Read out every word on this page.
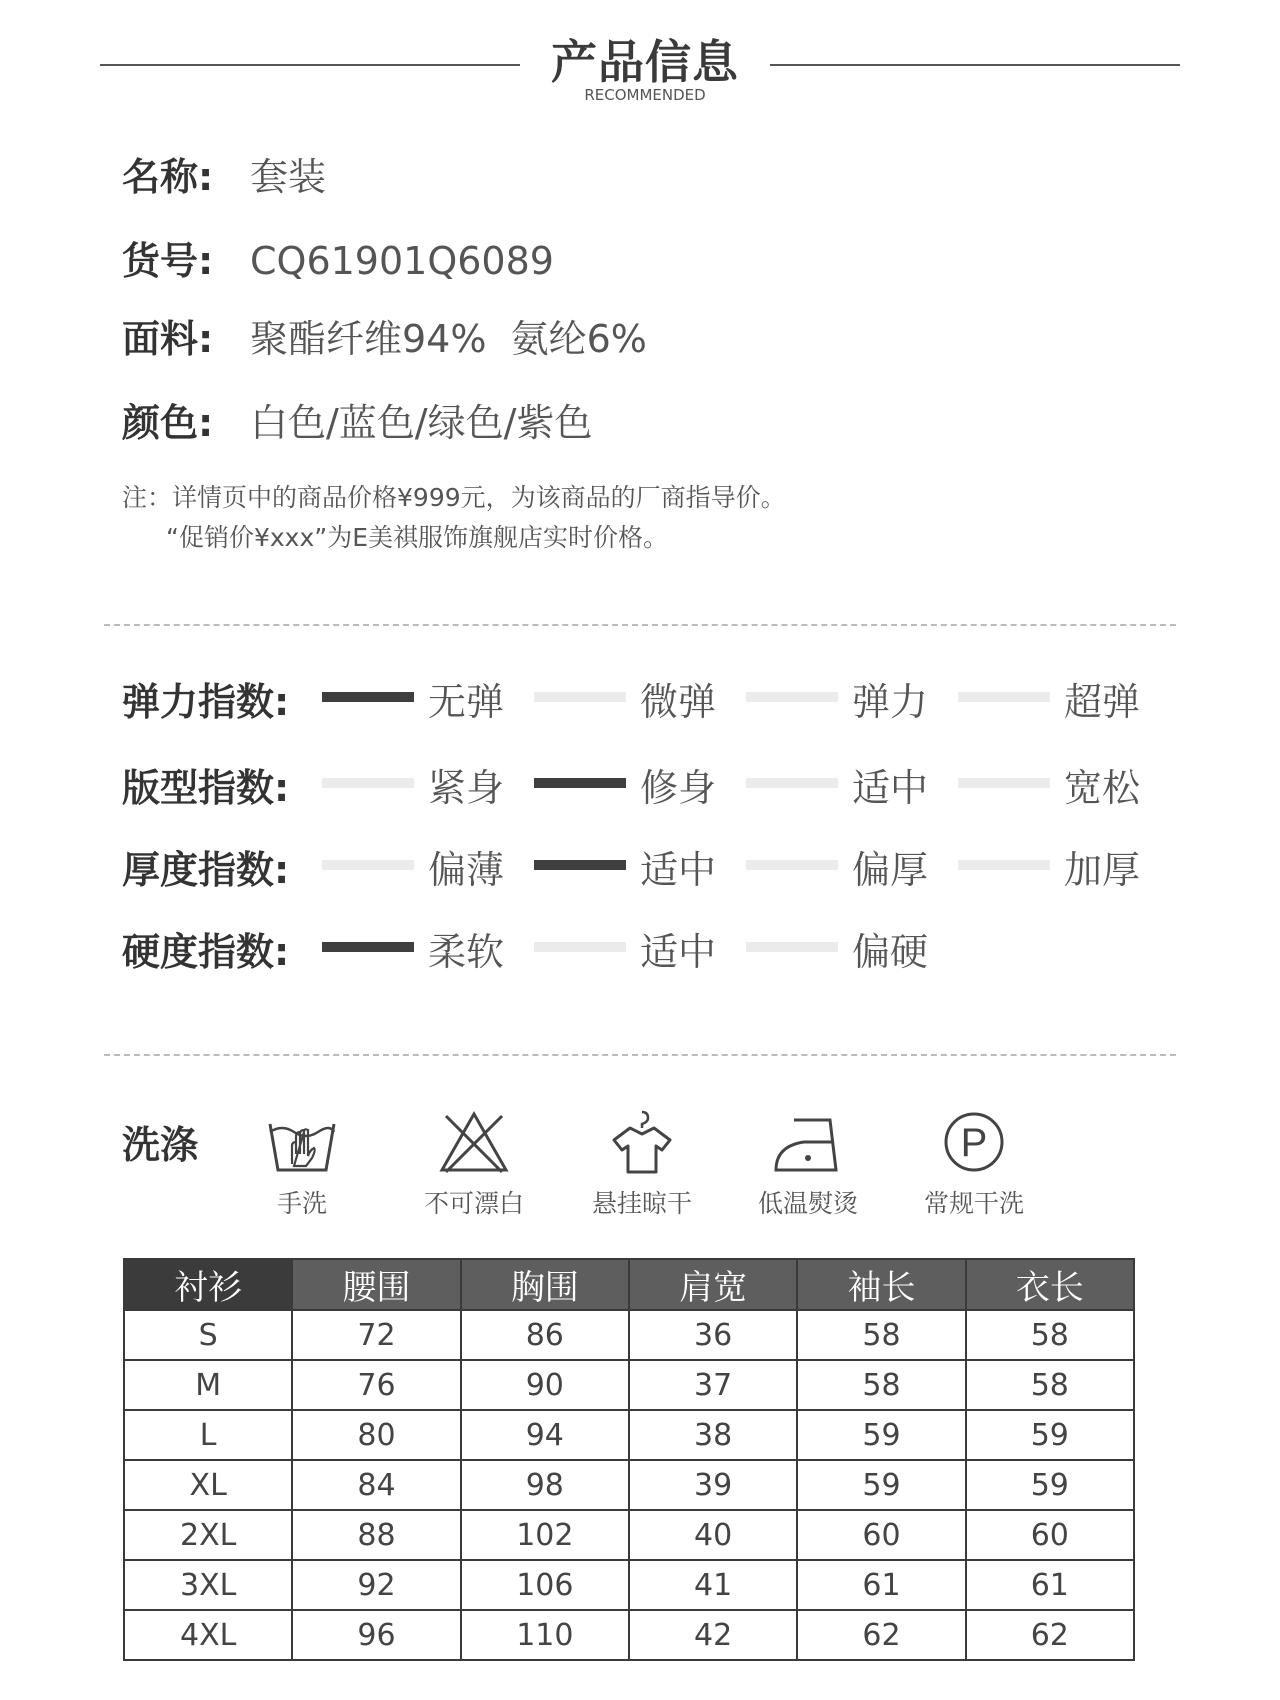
产品信息
RECOMMENDED
名称: 套装
货号: CQ61901Q6089
面料: 聚酯纤维94%  氨纶6%
颜色: 白色/蓝色/绿色/紫色
注：详情页中的商品价格¥999元，为该商品的厂商指导价。
“促销价¥xxx”为E美祺服饰旗舰店实时价格。
弹力指数:	无弹	微弹	弹力	超弹
版型指数:	紧身	修身	适中	宽松
厚度指数:	偏薄	适中	偏厚	加厚
硬度指数:	柔软	适中	偏硬
洗涤	P
手洗	不可漂白	悬挂晾干	低温熨烫	常规干洗
衬衫	腰围	胸围	肩宽	袖长	衣长
S	72	86	36	58	58
M	76	90	37	58	58
L	80	94	38	59	59
XL	84	98	39	59	59
2XL	88	102	40	60	60
3XL	92	106	41	61	61
4XL	96	110	42	62	62
